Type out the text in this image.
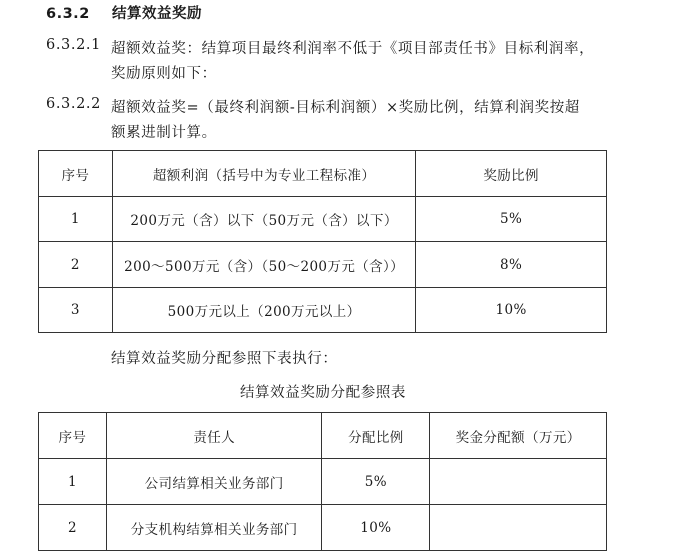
6.3.2 结算效益奖励
6.3.2.1 超额效益奖：结算项目最终利润率不低于《项目部责任书》目标利润率，
奖励原则如下：
6.3.2.2 超额效益奖=（最终利润额-目标利润额）×奖励比例，结算利润奖按超
额累进制计算。
序号	超额利润（括号中为专业工程标准）	奖励比例
1	200万元（含）以下（50万元（含）以下）	5%
2	200～500万元（含）（50～200万元（含））	8%
3	500万元以上（200万元以上）	10%
结算效益奖励分配参照下表执行：
结算效益奖励分配参照表
序号	责任人	分配比例	奖金分配额（万元）
1	公司结算相关业务部门	5%	
2	分支机构结算相关业务部门	10%	
